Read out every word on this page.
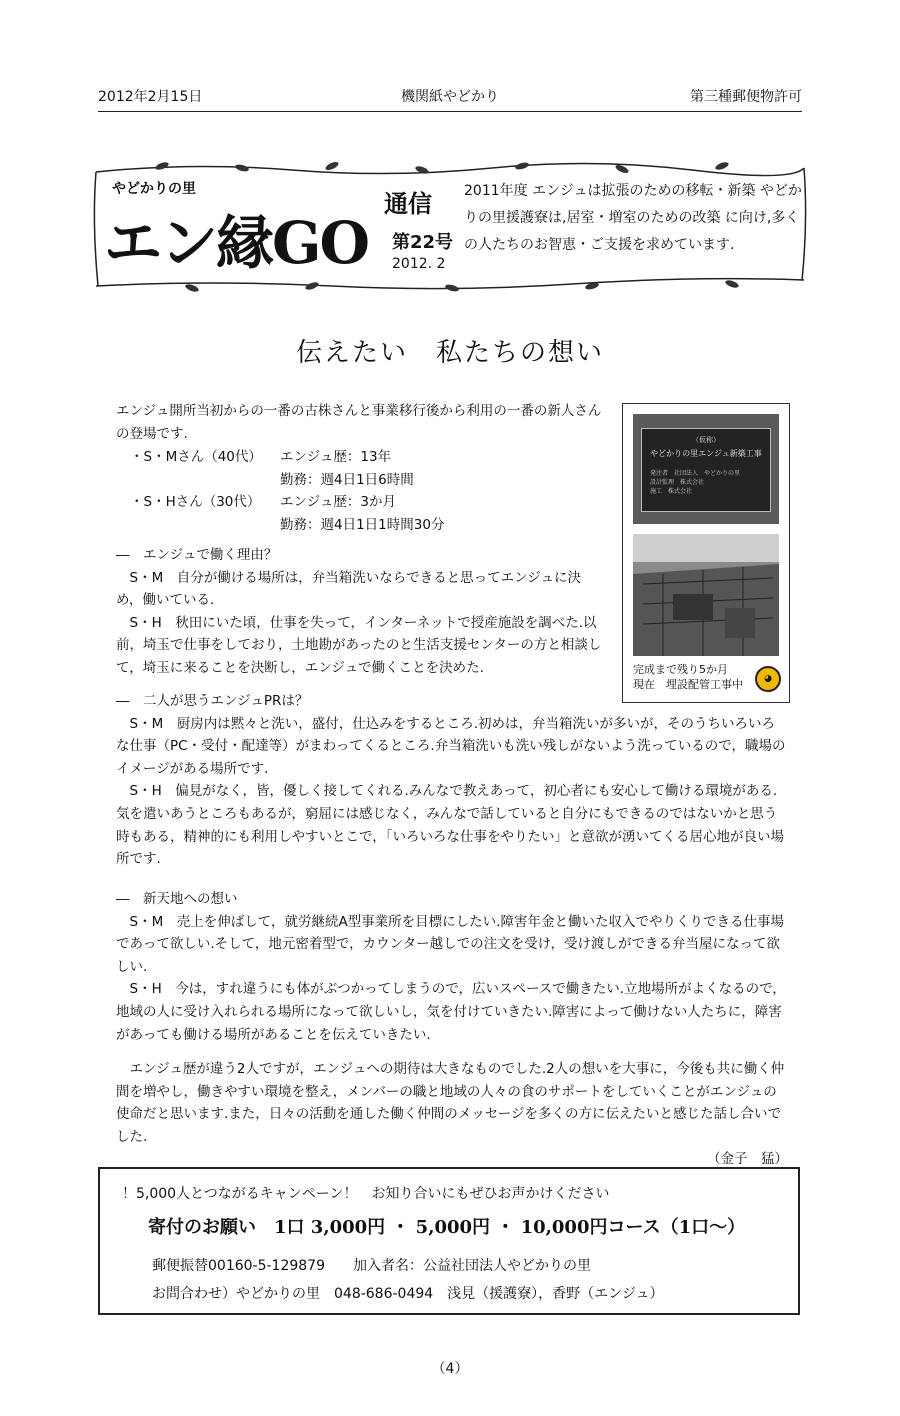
2012年2月15日	機関紙やどかり	第三種郵便物許可
やどかりの里
エン縁GO
通信
第22号
2012. 2
2011年度 エンジュは拡張のための移転・新築 やどかりの里援護寮は,居室・増室のための改築 に向け,多くの人たちのお智恵・ご支援を求めています.
伝えたい　私たちの想い
エンジュ開所当初からの一番の古株さんと事業移行後から利用の一番の新人さんの登場です.
・S・Mさん（40代） エンジュ歴：13年
勤務：週4日1日6時間
・S・Hさん（30代） エンジュ歴：3か月
勤務：週4日1日1時間30分

―　エンジュで働く理由？

S・M　自分が働ける場所は，弁当箱洗いならできると思ってエンジュに決め，働いている.

S・H　秋田にいた頃，仕事を失って，インターネットで授産施設を調べた.以前，埼玉で仕事をしており，土地勘があったのと生活支援センターの方と相談して，埼玉に来ることを決断し，エンジュで働くことを決めた.

（仮称）
やどかりの里エンジュ新築工事
発注者　社団法人　やどかりの里
設計監理　株式会社
施工　株式会社
完成まで残り5か月
現在　埋設配管工事中	◕

―　二人が思うエンジュPRは？

S・M　厨房内は黙々と洗い，盛付，仕込みをするところ.初めは，弁当箱洗いが多いが，そのうちいろいろな仕事（PC・受付・配達等）がまわってくるところ.弁当箱洗いも洗い残しがないよう洗っているので，職場のイメージがある場所です.

S・H　偏見がなく，皆，優しく接してくれる.みんなで教えあって，初心者にも安心して働ける環境がある.気を遣いあうところもあるが，窮屈には感じなく，みんなで話していると自分にもできるのではないかと思う時もある，精神的にも利用しやすいとこで，「いろいろな仕事をやりたい」と意欲が湧いてくる居心地が良い場所です.

―　新天地への想い

S・M　売上を伸ばして，就労継続A型事業所を目標にしたい.障害年金と働いた収入でやりくりできる仕事場であって欲しい.そして，地元密着型で，カウンター越しでの注文を受け，受け渡しができる弁当屋になって欲しい.

S・H　今は，すれ違うにも体がぶつかってしまうので，広いスペースで働きたい.立地場所がよくなるので，地域の人に受け入れられる場所になって欲しいし，気を付けていきたい.障害によって働けない人たちに，障害があっても働ける場所があることを伝えていきたい.

エンジュ歴が違う2人ですが，エンジュへの期待は大きなものでした.2人の想いを大事に，今後も共に働く仲間を増やし，働きやすい環境を整え，メンバーの職と地域の人々の食のサポートをしていくことがエンジュの使命だと思います.また，日々の活動を通した働く仲間のメッセージを多くの方に伝えたいと感じた話し合いでした.

（金子　猛）

！5,000人とつながるキャンペーン！　お知り合いにもぜひお声かけください
寄付のお願い　1口 3,000円 ・ 5,000円 ・ 10,000円コース（1口〜）
郵便振替00160-5-129879　　加入者名：公益社団法人やどかりの里
お問合わせ）やどかりの里　048-686-0494　浅見（援護寮），香野（エンジュ）
（4）
